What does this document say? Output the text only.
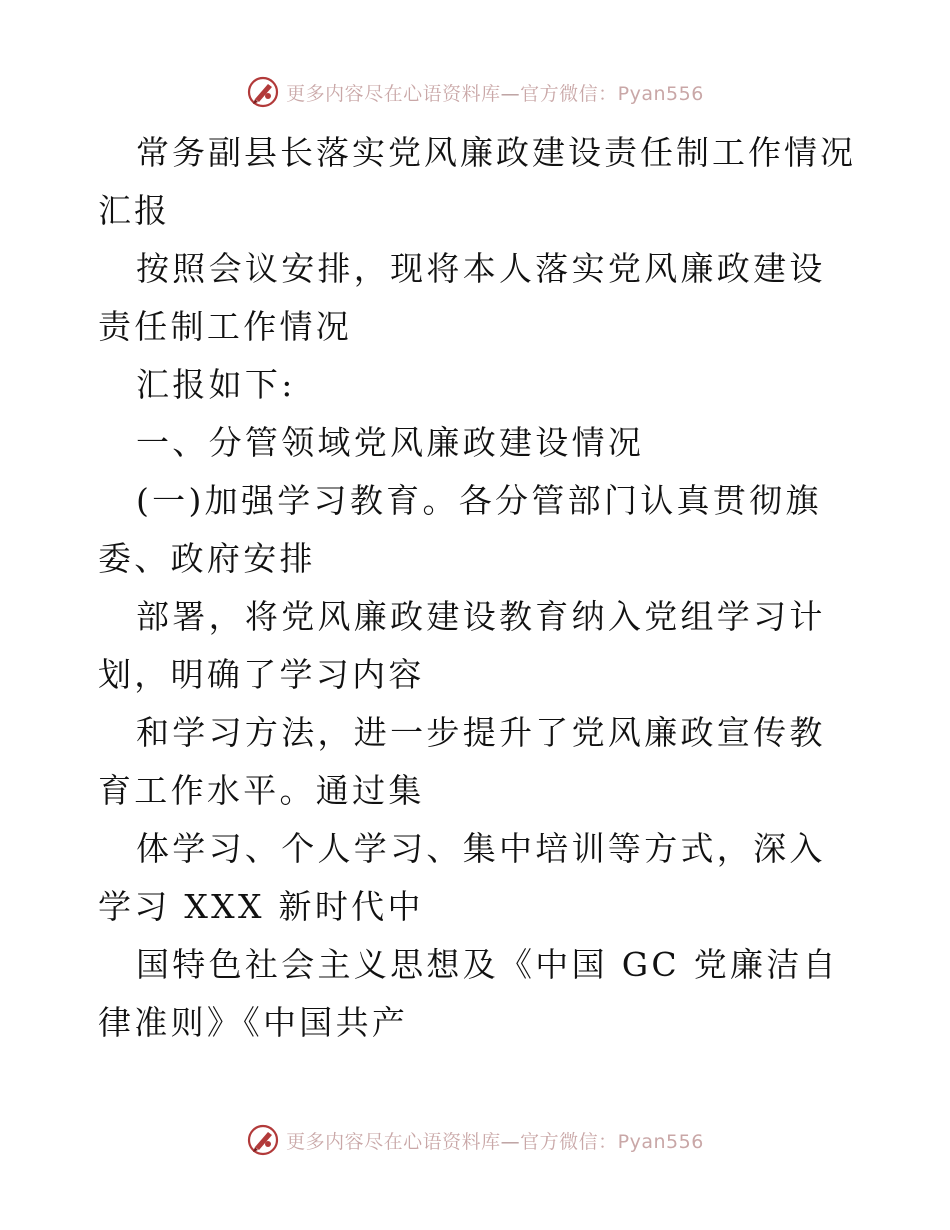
更多内容尽在心语资料库—官方微信：Pyan556

常务副县长落实党风廉政建设责任制工作情况汇报

按照会议安排，现将本人落实党风廉政建设责任制工作情况

汇报如下:

一、分管领域党风廉政建设情况

(一)加强学习教育。各分管部门认真贯彻旗委、政府安排

部署，将党风廉政建设教育纳入党组学习计划，明确了学习内容

和学习方法，进一步提升了党风廉政宣传教育工作水平。通过集

体学习、个人学习、集中培训等方式，深入学习 XXX 新时代中

国特色社会主义思想及《中国 GC 党廉洁自律准则》《中国共产

更多内容尽在心语资料库—官方微信：Pyan556
